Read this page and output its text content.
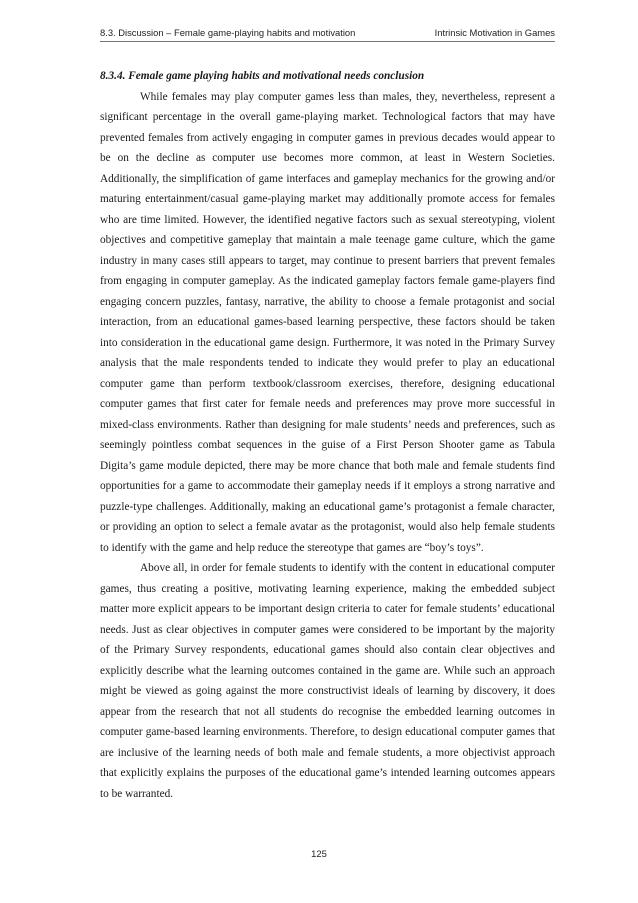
8.3. Discussion – Female game-playing habits and motivation	Intrinsic Motivation in Games
8.3.4. Female game playing habits and motivational needs conclusion

While females may play computer games less than males, they, nevertheless, represent a significant percentage in the overall game-playing market. Technological factors that may have prevented females from actively engaging in computer games in previous decades would appear to be on the decline as computer use becomes more common, at least in Western Societies. Additionally, the simplification of game interfaces and gameplay mechanics for the growing and/or maturing entertainment/casual game-playing market may additionally promote access for females who are time limited. However, the identified negative factors such as sexual stereotyping, violent objectives and competitive gameplay that maintain a male teenage game culture, which the game industry in many cases still appears to target, may continue to present barriers that prevent females from engaging in computer gameplay. As the indicated gameplay factors female game-players find engaging concern puzzles, fantasy, narrative, the ability to choose a female protagonist and social interaction, from an educational games-based learning perspective, these factors should be taken into consideration in the educational game design. Furthermore, it was noted in the Primary Survey analysis that the male respondents tended to indicate they would prefer to play an educational computer game than perform textbook/classroom exercises, therefore, designing educational computer games that first cater for female needs and preferences may prove more successful in mixed-class environments. Rather than designing for male students’ needs and preferences, such as seemingly pointless combat sequences in the guise of a First Person Shooter game as Tabula Digita’s game module depicted, there may be more chance that both male and female students find opportunities for a game to accommodate their gameplay needs if it employs a strong narrative and puzzle-type challenges. Additionally, making an educational game’s protagonist a female character, or providing an option to select a female avatar as the protagonist, would also help female students to identify with the game and help reduce the stereotype that games are “boy’s toys”.

Above all, in order for female students to identify with the content in educational computer games, thus creating a positive, motivating learning experience, making the embedded subject matter more explicit appears to be important design criteria to cater for female students’ educational needs. Just as clear objectives in computer games were considered to be important by the majority of the Primary Survey respondents, educational games should also contain clear objectives and explicitly describe what the learning outcomes contained in the game are. While such an approach might be viewed as going against the more constructivist ideals of learning by discovery, it does appear from the research that not all students do recognise the embedded learning outcomes in computer game-based learning environments. Therefore, to design educational computer games that are inclusive of the learning needs of both male and female students, a more objectivist approach that explicitly explains the purposes of the educational game’s intended learning outcomes appears to be warranted.

125
